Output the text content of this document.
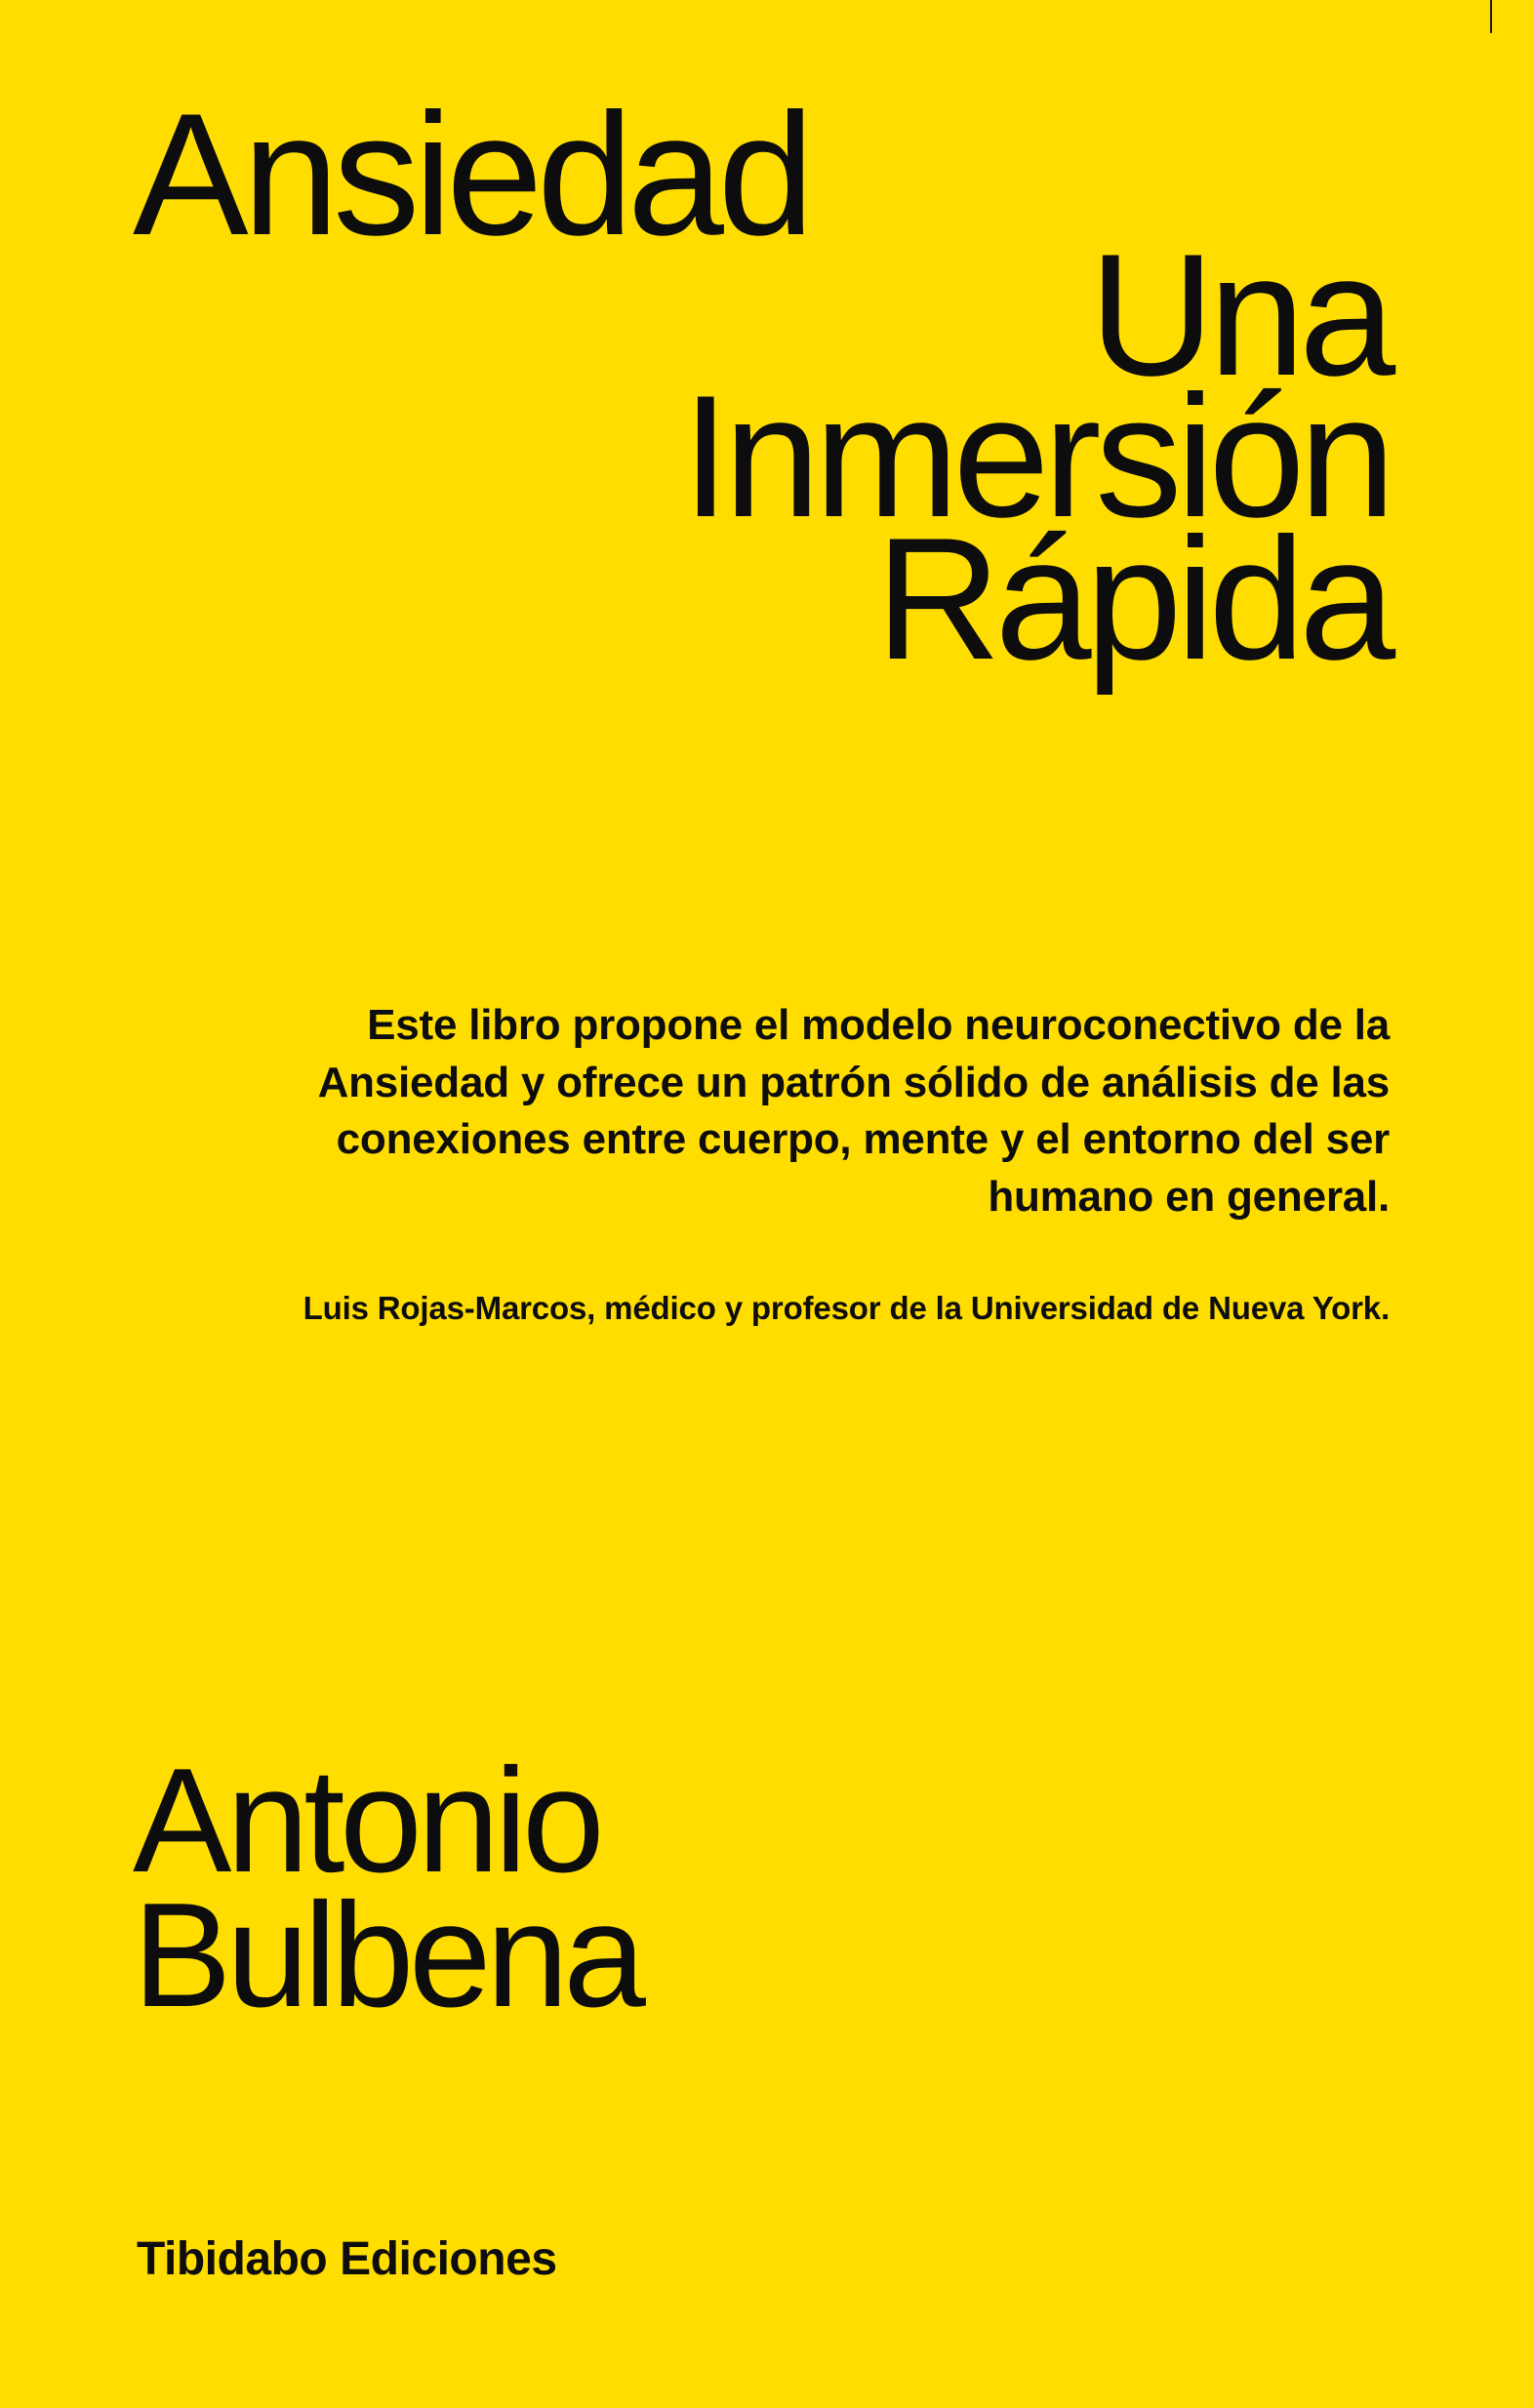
Ansiedad
Una
Inmersión
Rápida
Este libro propone el modelo neuroconectivo de la Ansiedad y ofrece un patrón sólido de análisis de las conexiones entre cuerpo, mente y el entorno del ser humano en general.
Luis Rojas-Marcos, médico y profesor de la Universidad de Nueva York.
Antonio
Bulbena
Tibidabo Ediciones
